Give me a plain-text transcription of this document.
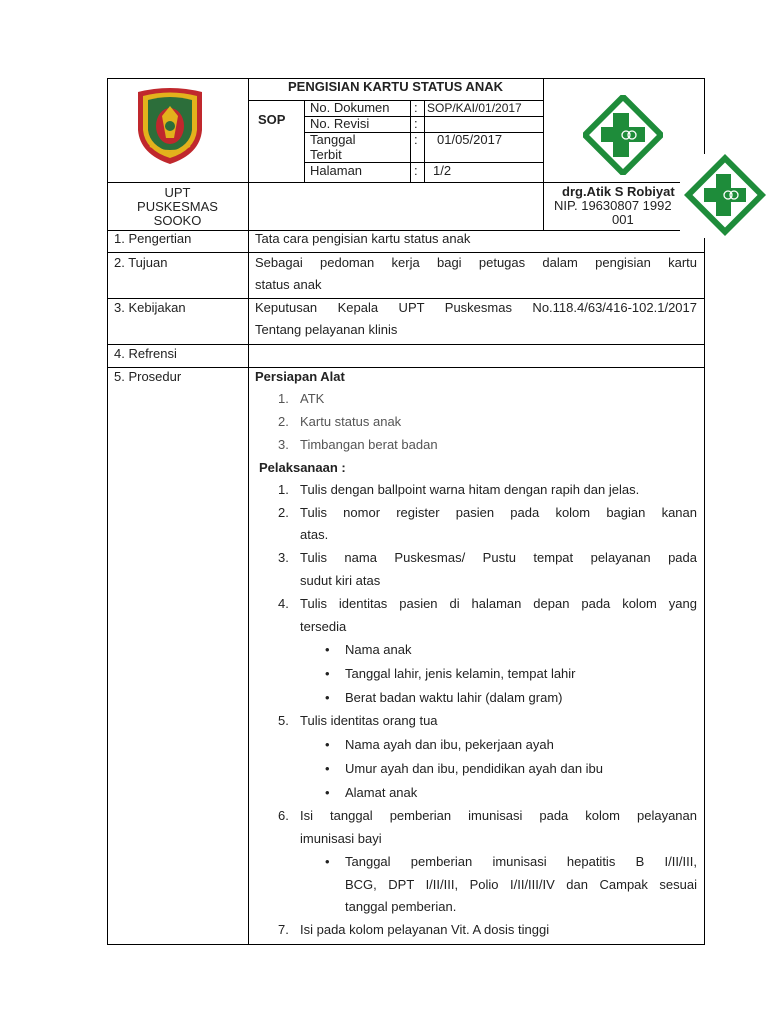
UPT
PUSKESMAS
SOOKO
PENGISIAN KARTU STATUS ANAK
SOP
No. Dokumen : SOP/KAI/01/2017
No. Revisi	:
Tanggal
Terbit
: 01/05/2017
Halaman	: 1/2
drg.Atik S Robiyat
NIP. 19630807 1992
001
1. Pengertian	Tata cara pengisian kartu status anak
2. Tujuan	Sebagai pedoman kerja bagi petugas dalam pengisian kartu
status anak
3. Kebijakan	Keputusan Kepala UPT Puskesmas No.118.4/63/416-102.1/2017
Tentang pelayanan klinis
4. Refrensi
5. Prosedur	Persiapan Alat
1. ATK
2. Kartu status anak
3. Timbangan berat badan
Pelaksanaan :
1. Tulis dengan ballpoint warna hitam dengan rapih dan jelas.
2. Tulis nomor register pasien pada kolom bagian kanan
atas.
3. Tulis nama Puskesmas/ Pustu tempat pelayanan pada
sudut kiri atas
4. Tulis identitas pasien di halaman depan pada kolom yang
tersedia
• Nama anak
• Tanggal lahir, jenis kelamin, tempat lahir
• Berat badan waktu lahir (dalam gram)
5. Tulis identitas orang tua
• Nama ayah dan ibu, pekerjaan ayah
• Umur ayah dan ibu, pendidikan ayah dan ibu
• Alamat anak
6. Isi tanggal pemberian imunisasi pada kolom pelayanan
imunisasi bayi
• Tanggal pemberian imunisasi hepatitis B I/II/III,
BCG, DPT I/II/III, Polio I/II/III/IV dan Campak sesuai
tanggal pemberian.
7. Isi pada kolom pelayanan Vit. A dosis tinggi
